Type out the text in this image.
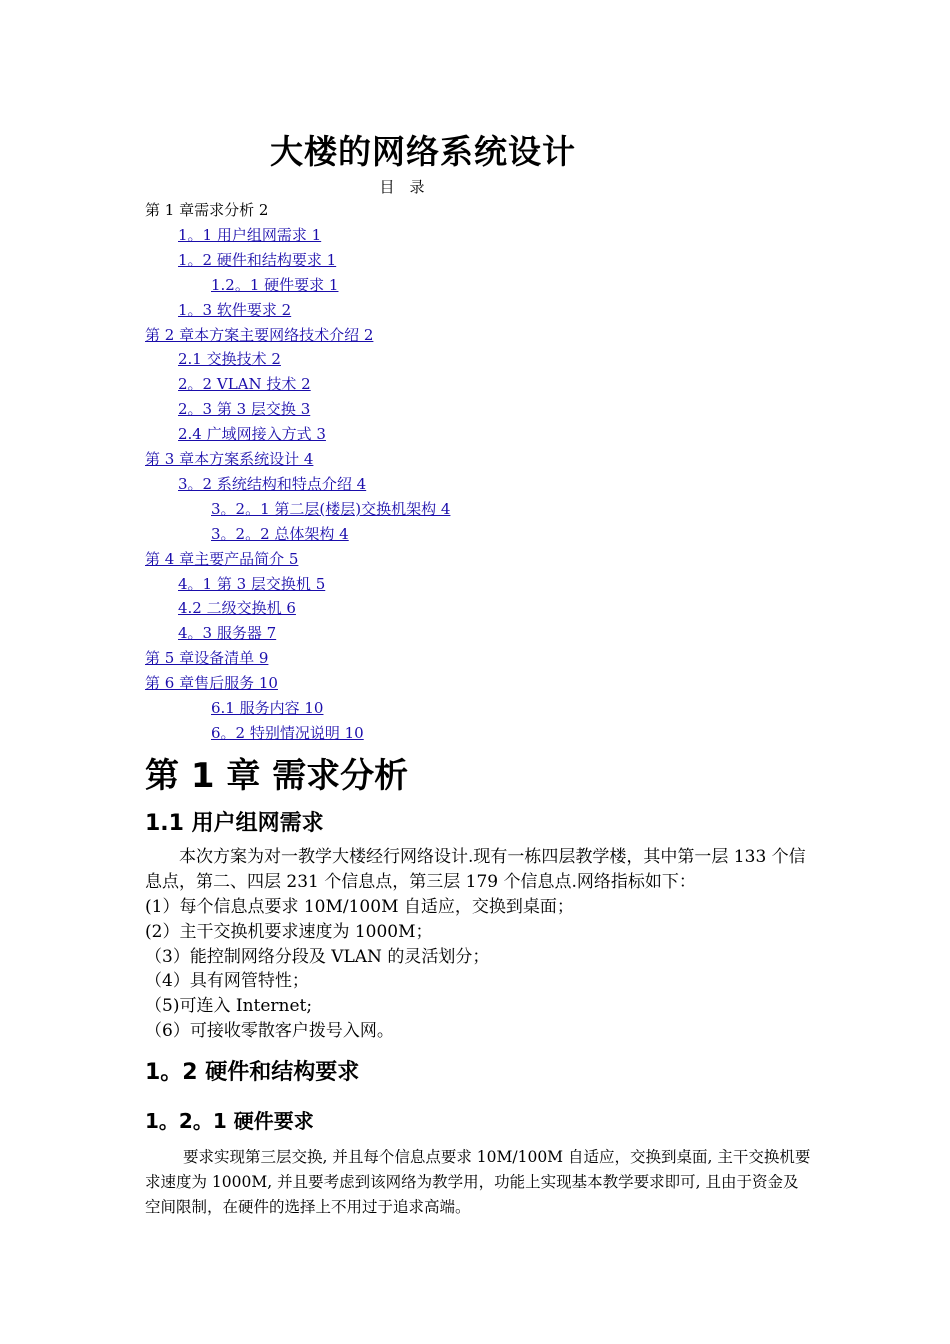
大楼的网络系统设计
目　录
第 1 章需求分析 2
1。1 用户组网需求 1
1。2 硬件和结构要求 1
1.2。1 硬件要求 1
1。3 软件要求 2
第 2 章本方案主要网络技术介绍 2
2.1 交换技术 2
2。2 VLAN 技术 2
2。3 第 3 层交换 3
2.4 广域网接入方式 3
第 3 章本方案系统设计 4
3。2 系统结构和特点介绍 4
3。2。1 第二层(楼层)交换机架构 4
3。2。2 总体架构 4
第 4 章主要产品简介 5
4。1 第 3 层交换机 5
4.2 二级交换机 6
4。3 服务器 7
第 5 章设备清单 9
第 6 章售后服务 10
6.1 服务内容 10
6。2 特别情况说明 10
第 1 章 需求分析
1.1 用户组网需求
本次方案为对一教学大楼经行网络设计.现有一栋四层教学楼，其中第一层 133 个信息点，第二、四层 231 个信息点，第三层 179 个信息点.网络指标如下：
(1）每个信息点要求 10M/100M 自适应，交换到桌面；
(2）主干交换机要求速度为 1000M；
（3）能控制网络分段及 VLAN 的灵活划分；
（4）具有网管特性；
（5)可连入 Internet;
（6）可接收零散客户拨号入网。
1。2 硬件和结构要求
1。2。1 硬件要求
要求实现第三层交换, 并且每个信息点要求 10M/100M 自适应，交换到桌面, 主干交换机要求速度为 1000M, 并且要考虑到该网络为教学用，功能上实现基本教学要求即可, 且由于资金及空间限制，在硬件的选择上不用过于追求高端。
